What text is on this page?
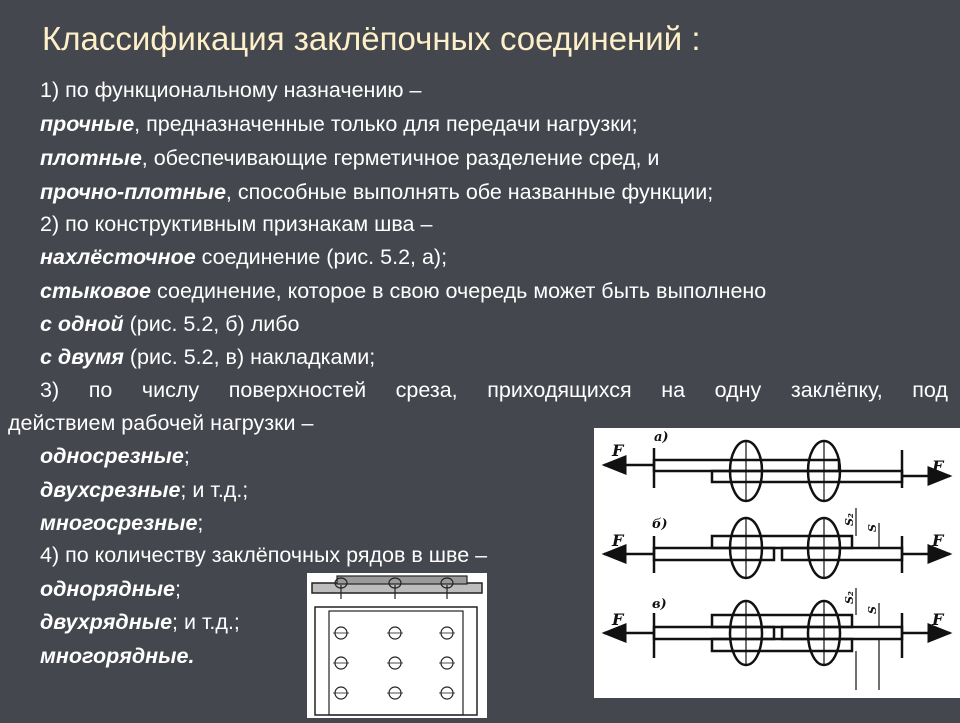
Классификация заклёпочных соединений :
1) по функциональному назначению –
прочные, предназначенные только для передачи нагрузки;
плотные, обеспечивающие герметичное разделение сред, и
прочно-плотные, способные выполнять обе названные функции;
2) по конструктивным признакам шва –
нахлёсточное соединение (рис. 5.2, а);
стыковое соединение, которое в свою очередь может быть выполнено
с одной (рис. 5.2, б) либо
с двумя (рис. 5.2, в) накладками;
3) по числу поверхностей среза, приходящихся на одну заклёпку, под
действием рабочей нагрузки –
односрезные;
двухсрезные; и т.д.;
многосрезные;
4) по количеству заклёпочных рядов в шве –
однорядные;
двухрядные; и т.д.;
многорядные.
F
F
F	F
F	F
а)
б)
в)
S₂
S
S₂
S
